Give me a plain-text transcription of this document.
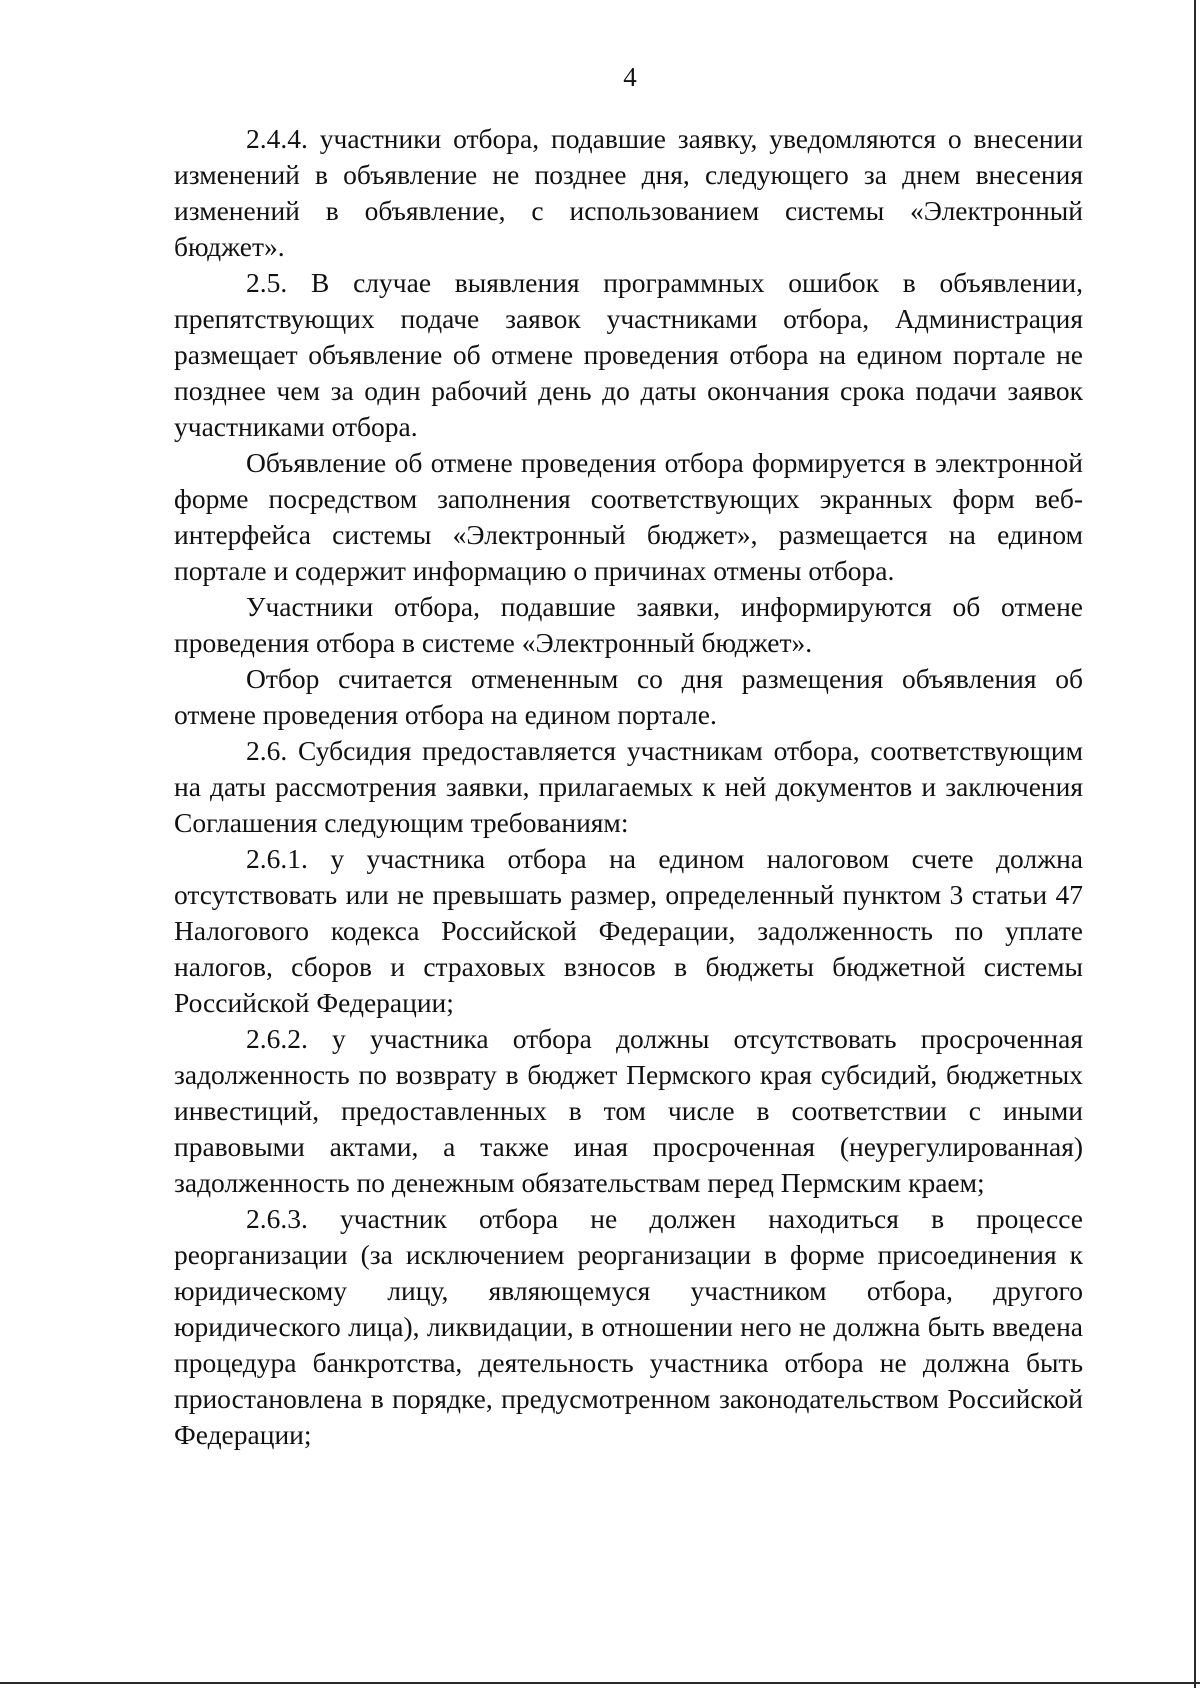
4

2.4.4. участники отбора, подавшие заявку, уведомляются о внесении изменений в объявление не позднее дня, следующего за днем внесения изменений в объявление, с использованием системы «Электронный бюджет».

2.5. В случае выявления программных ошибок в объявлении, препятствующих подаче заявок участниками отбора, Администрация размещает объявление об отмене проведения отбора на едином портале не позднее чем за один рабочий день до даты окончания срока подачи заявок участниками отбора.

Объявление об отмене проведения отбора формируется в электронной форме посредством заполнения соответствующих экранных форм веб-интерфейса системы «Электронный бюджет», размещается на едином портале и содержит информацию о причинах отмены отбора.

Участники отбора, подавшие заявки, информируются об отмене проведения отбора в системе «Электронный бюджет».

Отбор считается отмененным со дня размещения объявления об отмене проведения отбора на едином портале.

2.6. Субсидия предоставляется участникам отбора, соответствующим на даты рассмотрения заявки, прилагаемых к ней документов и заключения Соглашения следующим требованиям:

2.6.1. у участника отбора на едином налоговом счете должна отсутствовать или не превышать размер, определенный пунктом 3 статьи 47 Налогового кодекса Российской Федерации, задолженность по уплате налогов, сборов и страховых взносов в бюджеты бюджетной системы Российской Федерации;

2.6.2. у участника отбора должны отсутствовать просроченная задолженность по возврату в бюджет Пермского края субсидий, бюджетных инвестиций, предоставленных в том числе в соответствии с иными правовыми актами, а также иная просроченная (неурегулированная) задолженность по денежным обязательствам перед Пермским краем;

2.6.3. участник отбора не должен находиться в процессе реорганизации (за исключением реорганизации в форме присоединения к юридическому лицу, являющемуся участником отбора, другого юридического лица), ликвидации, в отношении него не должна быть введена процедура банкротства, деятельность участника отбора не должна быть приостановлена в порядке, предусмотренном законодательством Российской Федерации;
